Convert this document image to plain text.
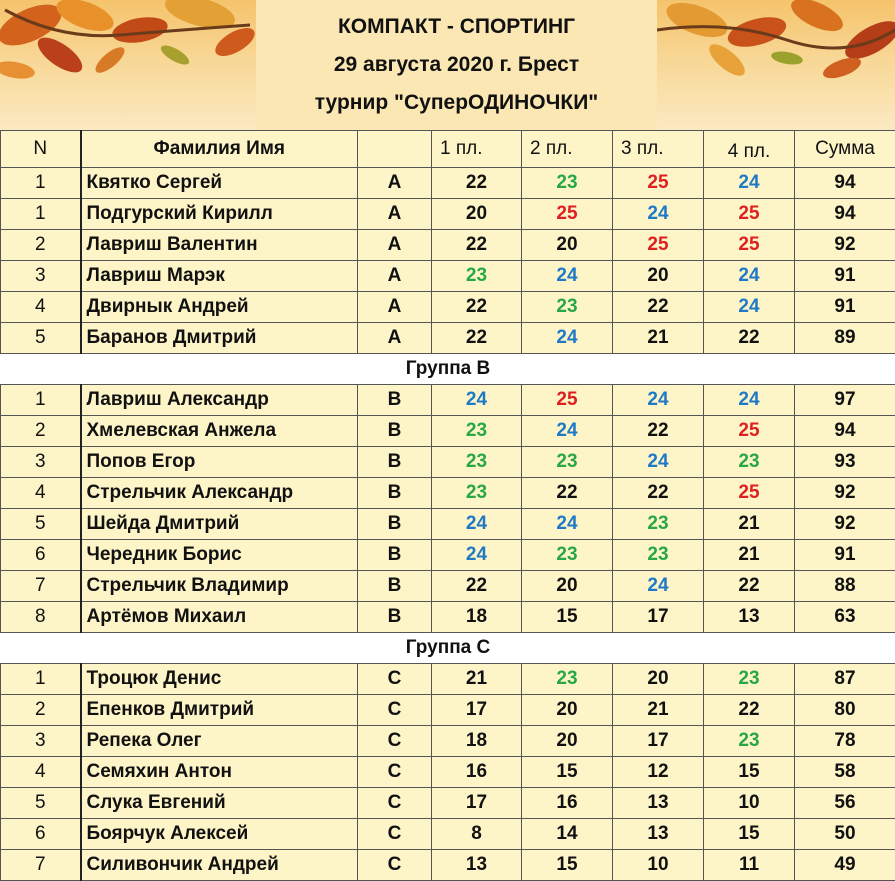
КОМПАКТ - СПОРТИНГ
29 августа 2020 г. Брест
турнир "СуперОДИНОЧКИ"
N	Фамилия Имя		1 пл.	2 пл.	3 пл.	4 пл.	Сумма
1	Квятко Сергей	A	22	23	25	24	94
1	Подгурский Кирилл	A	20	25	24	25	94
2	Лавриш Валентин	A	22	20	25	25	92
3	Лавриш Марэк	A	23	24	20	24	91
4	Двирнык Андрей	A	22	23	22	24	91
5	Баранов Дмитрий	A	22	24	21	22	89
Группа B							
1	Лавриш Александр	B	24	25	24	24	97
2	Хмелевская Анжела	B	23	24	22	25	94
3	Попов Егор	B	23	23	24	23	93
4	Стрельчик Александр	B	23	22	22	25	92
5	Шейда Дмитрий	B	24	24	23	21	92
6	Чередник Борис	B	24	23	23	21	91
7	Стрельчик Владимир	B	22	20	24	22	88
8	Артёмов Михаил	B	18	15	17	13	63
Группа С							
1	Троцюк Денис	C	21	23	20	23	87
2	Епенков Дмитрий	C	17	20	21	22	80
3	Репека Олег	C	18	20	17	23	78
4	Семяхин Антон	C	16	15	12	15	58
5	Слука Евгений	C	17	16	13	10	56
6	Боярчук Алексей	C	8	14	13	15	50
7	Силивончик Андрей	C	13	15	10	11	49
